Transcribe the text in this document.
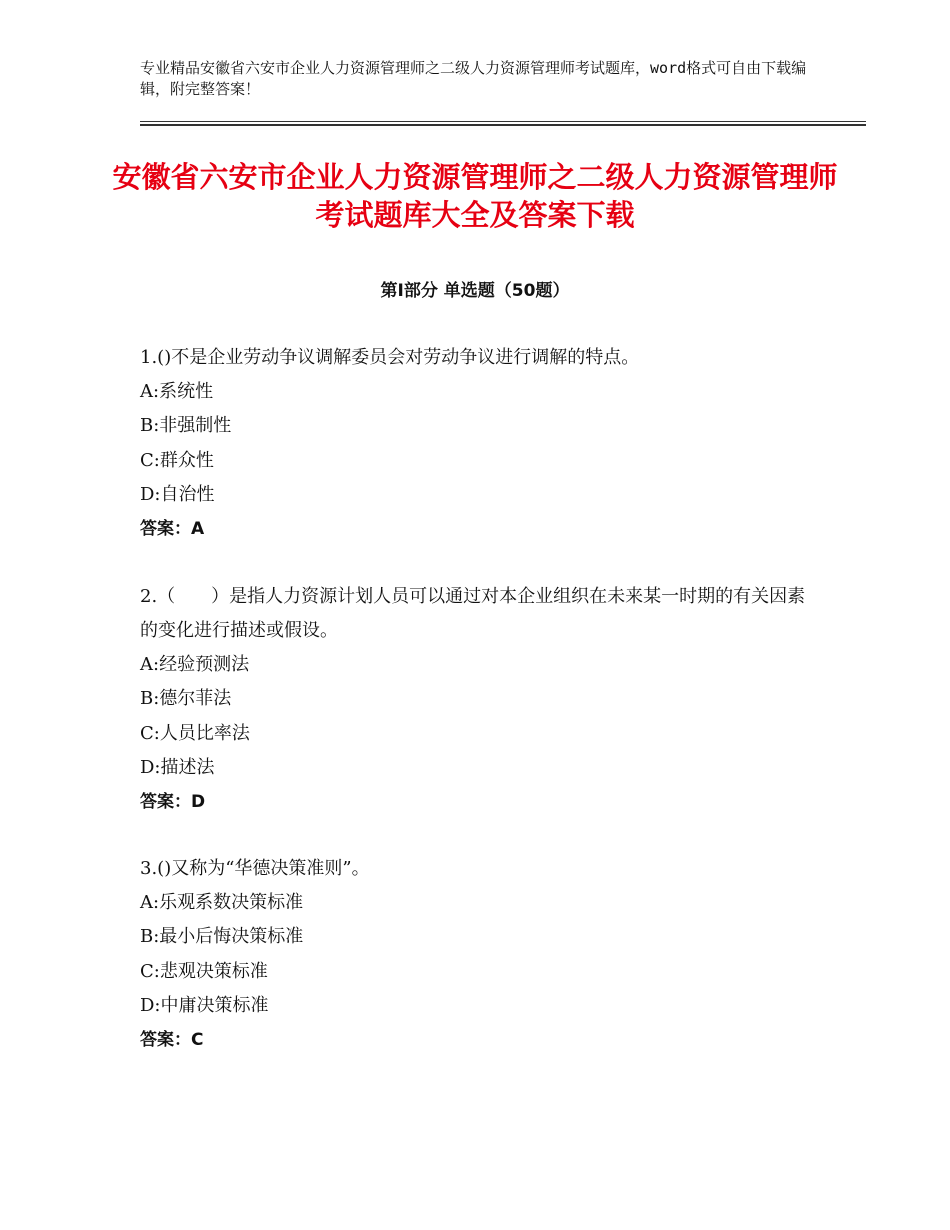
专业精品安徽省六安市企业人力资源管理师之二级人力资源管理师考试题库，word格式可自由下载编辑，附完整答案！
安徽省六安市企业人力资源管理师之二级人力资源管理师考试题库大全及答案下载
第Ⅰ部分 单选题（50题）

1.()不是企业劳动争议调解委员会对劳动争议进行调解的特点。

A:系统性

B:非强制性

C:群众性

D:自治性

答案：A

2.（　　）是指人力资源计划人员可以通过对本企业组织在未来某一时期的有关因素的变化进行描述或假设。

A:经验预测法

B:德尔菲法

C:人员比率法

D:描述法

答案：D

3.()又称为“华德决策准则”。

A:乐观系数决策标准

B:最小后悔决策标准

C:悲观决策标准

D:中庸决策标准

答案：C
